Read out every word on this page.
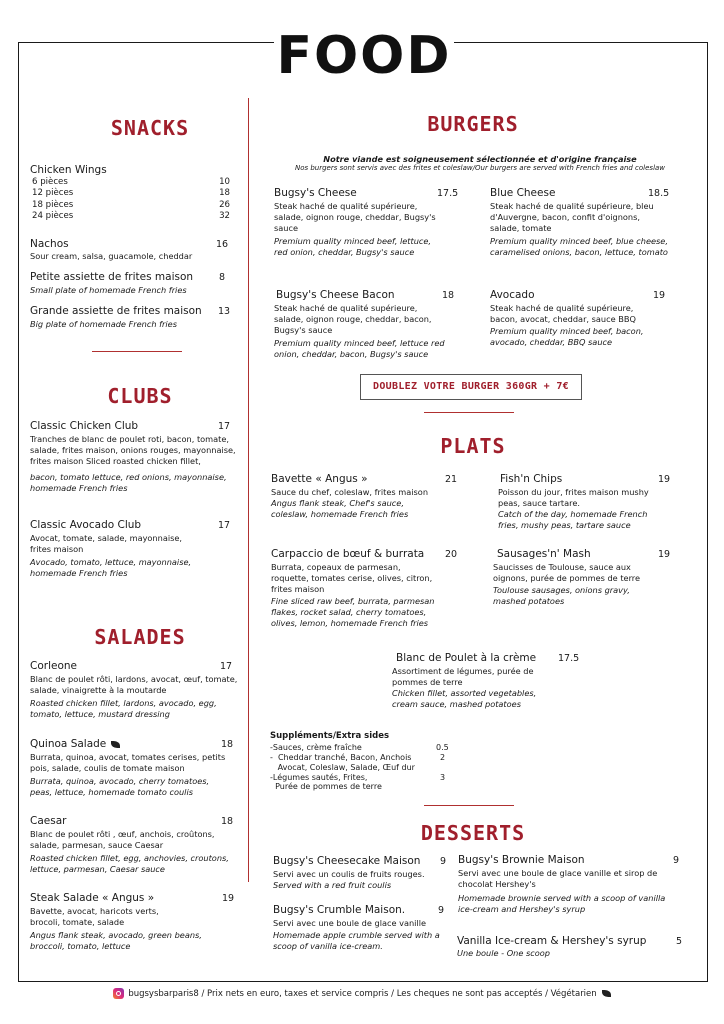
FOOD
SNACKS
Chicken Wings
6 pièces	10
12 pièces	18
18 pièces	26
24 pièces	32
Nachos	16
Sour cream, salsa, guacamole, cheddar
Petite assiette de frites maison	8
Small plate of homemade French fries
Grande assiette de frites maison 13
Big plate of homemade French fries
CLUBS
Classic Chicken Club	17
Tranches de blanc de poulet roti, bacon, tomate, salade, frites maison, onions rouges, mayonnaise, frites maison Sliced roasted chicken fillet,
bacon, tomato lettuce, red onions, mayonnaise, homemade French fries
Classic Avocado Club	17
Avocat, tomate, salade, mayonnaise, frites maison
Avocado, tomato, lettuce, mayonnaise, homemade French fries
SALADES
Corleone	17
Blanc de poulet rôti, lardons, avocat, œuf, tomate, salade, vinaigrette à la moutarde
Roasted chicken fillet, lardons, avocado, egg, tomato, lettuce, mustard dressing
Quinoa Salade	18
Burrata, quinoa, avocat, tomates cerises, petits pois, salade, coulis de tomate maison
Burrata, quinoa, avocado, cherry tomatoes, peas, lettuce, homemade tomato coulis
Caesar	18
Blanc de poulet rôti , œuf, anchois, croûtons, salade, parmesan, sauce Caesar
Roasted chicken fillet, egg, anchovies, croutons, lettuce, parmesan, Caesar sauce
Steak Salade « Angus »	19
Bavette, avocat, haricots verts, brocoli, tomate, salade
Angus flank steak, avocado, green beans, broccoli, tomato, lettuce
BURGERS
Notre viande est soigneusement sélectionnée et d'origine française
Nos burgers sont servis avec des frites et coleslaw/Our burgers are served with French fries and coleslaw
Bugsy's Cheese	17.5
Steak haché de qualité supérieure, salade, oignon rouge, cheddar, Bugsy's sauce
Premium quality minced beef, lettuce, red onion, cheddar, Bugsy's sauce
Blue Cheese	18.5
Steak haché de qualité supérieure, bleu d'Auvergne, bacon, confit d'oignons, salade, tomate
Premium quality minced beef, blue cheese, caramelised onions, bacon, lettuce, tomato
Bugsy's Cheese Bacon	18
Steak haché de qualité supérieure, salade, oignon rouge, cheddar, bacon, Bugsy's sauce
Premium quality minced beef, lettuce red onion, cheddar, bacon, Bugsy's sauce
Avocado	19
Steak haché de qualité supérieure, bacon, avocat, cheddar, sauce BBQ
Premium quality minced beef, bacon, avocado, cheddar, BBQ sauce
DOUBLEZ VOTRE BURGER 360GR + 7€
PLATS
Bavette « Angus »	21
Sauce du chef, coleslaw, frites maison
Angus flank steak, Chef's sauce, coleslaw, homemade French fries
Fish'n Chips	19
Poisson du jour, frites maison mushy peas, sauce tartare.
Catch of the day, homemade French fries, mushy peas, tartare sauce
Carpaccio de bœuf & burrata 20
Burrata, copeaux de parmesan, roquette, tomates cerise, olives, citron, frites maison
Fine sliced raw beef, burrata, parmesan flakes, rocket salad, cherry tomatoes, olives, lemon, homemade French fries
Sausages'n' Mash	19
Saucisses de Toulouse, sauce aux oignons, purée de pommes de terre
Toulouse sausages, onions gravy, mashed potatoes
Blanc de Poulet à la crème 17.5
Assortiment de légumes, purée de pommes de terre
Chicken fillet, assorted vegetables, cream sauce, mashed potatoes
Suppléments/Extra sides
-Sauces, crème fraîche	0.5
-  Cheddar tranché, Bacon, Anchois	2
Avocat, Coleslaw, Salade, Œuf dur
-Légumes sautés, Frites,	3
Purée de pommes de terre
DESSERTS
Bugsy's Cheesecake Maison 9
Servi avec un coulis de fruits rouges.
Served with a red fruit coulis
Bugsy's Crumble Maison.	9
Servi avec une boule de glace vanille
Homemade apple crumble served with a scoop of vanilla ice-cream.
Bugsy's Brownie Maison	9
Servi avec une boule de glace vanille et sirop de chocolat Hershey's
Homemade brownie served with a scoop of vanilla ice-cream and Hershey's syrup
Vanilla Ice-cream & Hershey's syrup	5
Une boule - One scoop
bugsysbarparis8 / Prix nets en euro, taxes et service compris / Les cheques ne sont pas acceptés / Végétarien
